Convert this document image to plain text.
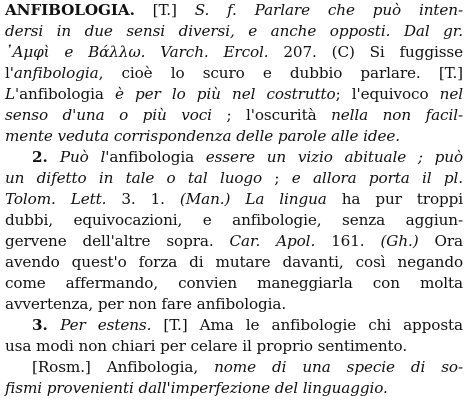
ANFIBOLOGIA. [T.] S. f. Parlare che può inten-
dersi in due sensi diversi, e anche opposti. Dal gr.
᾽Αμφὶ e Βάλλω. Varch. Ercol. 207. (C) Si fuggisse
l'anfibologia, cioè lo scuro e dubbio parlare. [T.]
L'anfibologia è per lo più nel costrutto; l'equivoco nel
senso d'una o più voci ; l'oscurità nella non facil-
mente veduta corrispondenza delle parole alle idee.
2. Può l'anfibologia essere un vizio abituale ; può
un difetto in tale o tal luogo ; e allora porta il pl.
Tolom. Lett. 3. 1. (Man.) La lingua ha pur troppi
dubbi, equivocazioni, e anfibologie, senza aggiun-
gervene dell'altre sopra. Car. Apol. 161. (Gh.) Ora
avendo quest'o forza di mutare davanti, così negando
come affermando, convien maneggiarla con molta
avvertenza, per non fare anfibologia.
3. Per estens. [T.] Ama le anfibologie chi apposta
usa modi non chiari per celare il proprio sentimento.
[Rosm.] Anfibologia, nome di una specie di so-
fismi provenienti dall'imperfezione del linguaggio.
